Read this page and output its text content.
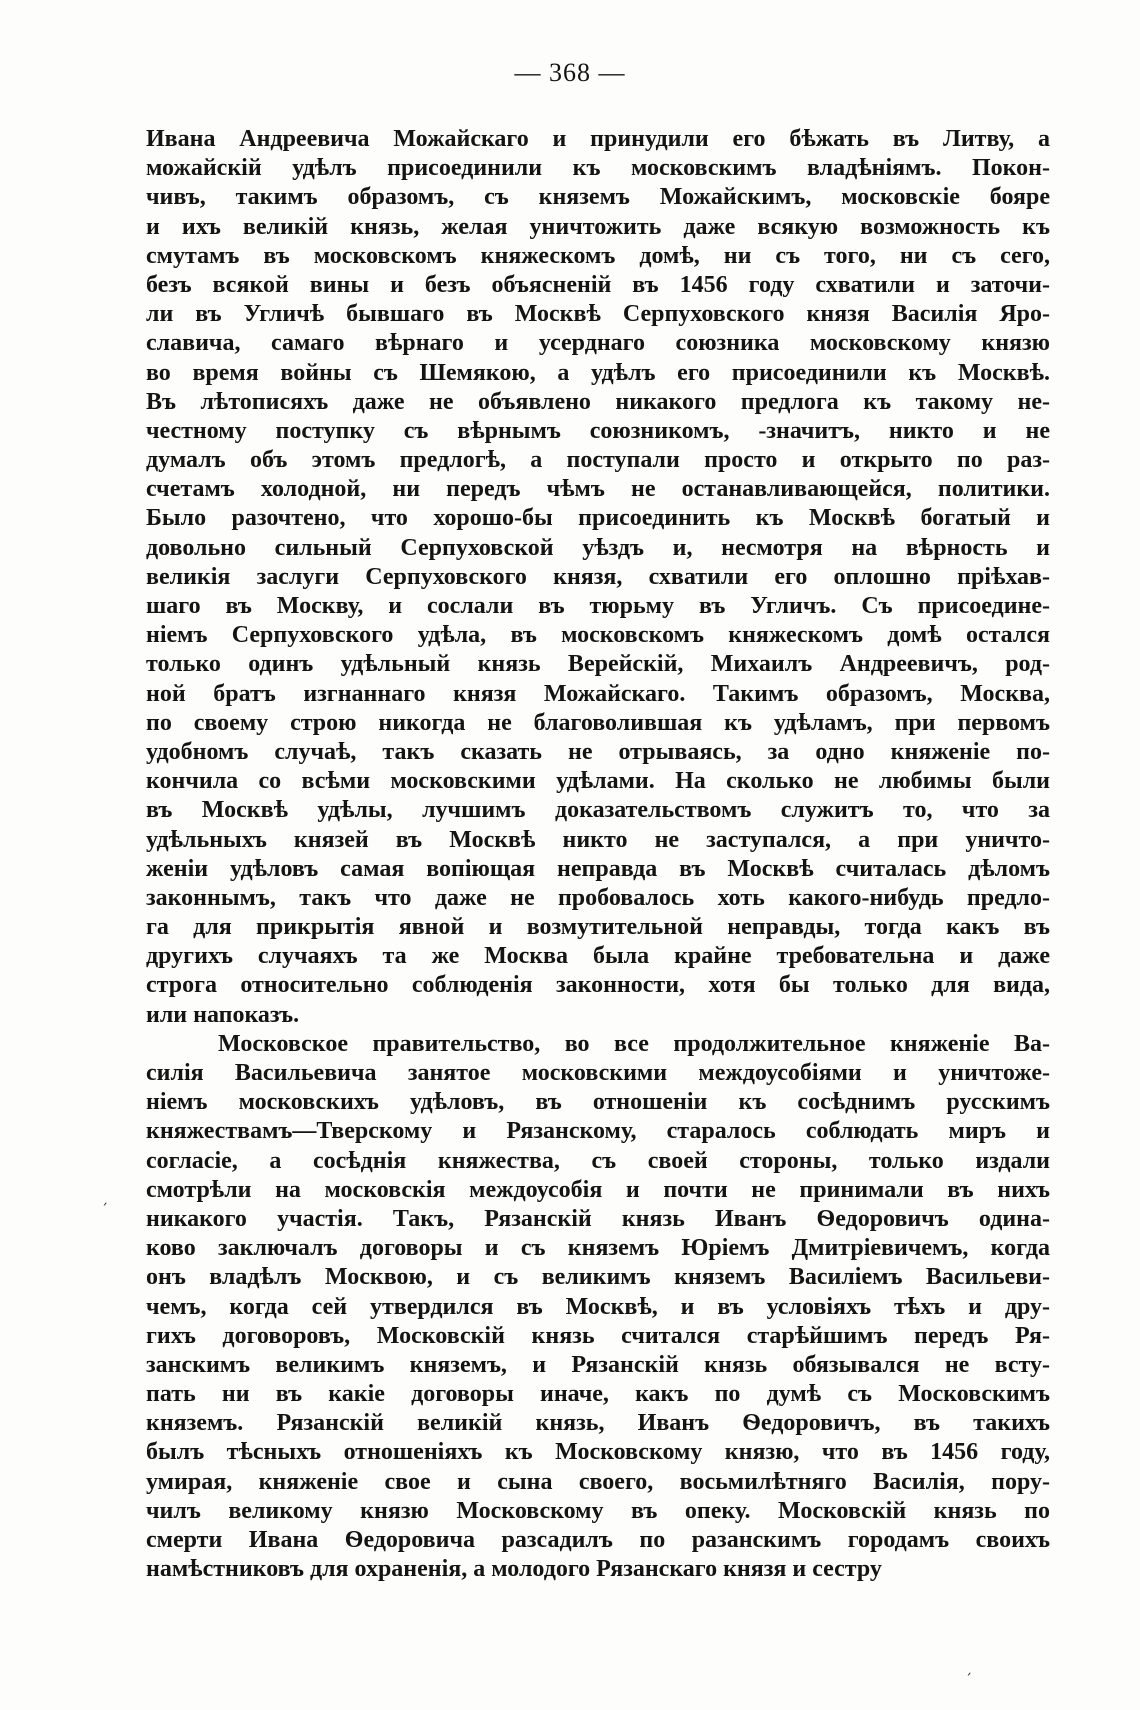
— 368 —
Ивана Андреевича Можайскаго и принудили его бѣжать въ Литву, а
можайскій удѣлъ присоединили къ московскимъ владѣніямъ. Покон-
чивъ, такимъ образомъ, съ княземъ Можайскимъ, московскіе бояре
и ихъ великій князь, желая уничтожить даже всякую возможность къ
смутамъ въ московскомъ княжескомъ домѣ, ни съ того, ни съ сего,
безъ всякой вины и безъ объясненій въ 1456 году схватили и заточи-
ли въ Угличѣ бывшаго въ Москвѣ Серпуховского князя Василія Яро-
славича, самаго вѣрнаго и усерднаго союзника московскому князю
во время войны съ Шемякою, а удѣлъ его присоединили къ Москвѣ.
Въ лѣтописяхъ даже не объявлено никакого предлога къ такому не-
честному поступку съ вѣрнымъ союзникомъ, -значитъ, никто и не
думалъ объ этомъ предлогѣ, а поступали просто и открыто по раз-
счетамъ холодной, ни передъ чѣмъ не останавливающейся, политики.
Было разочтено, что хорошо-бы присоединить къ Москвѣ богатый и
довольно сильный Серпуховской уѣздъ и, несмотря на вѣрность и
великія заслуги Серпуховского князя, схватили его оплошно пріѣхав-
шаго въ Москву, и сослали въ тюрьму въ Угличъ. Съ присоедине-
ніемъ Серпуховского удѣла, въ московскомъ княжескомъ домѣ остался
только одинъ удѣльный князь Верейскій, Михаилъ Андреевичъ, род-
ной братъ изгнаннаго князя Можайскаго. Такимъ образомъ, Москва,
по своему строю никогда не благоволившая къ удѣламъ, при первомъ
удобномъ случаѣ, такъ сказать не отрываясь, за одно княженіе по-
кончила со всѣми московскими удѣлами. На сколько не любимы были
въ Москвѣ удѣлы, лучшимъ доказательствомъ служитъ то, что за
удѣльныхъ князей въ Москвѣ никто не заступался, а при уничто-
женіи удѣловъ самая вопіющая неправда въ Москвѣ считалась дѣломъ
законнымъ, такъ что даже не пробовалось хоть какого-нибудь предло-
га для прикрытія явной и возмутительной неправды, тогда какъ въ
другихъ случаяхъ та же Москва была крайне требовательна и даже
строга относительно соблюденія законности, хотя бы только для вида,
или напоказъ.
Московское правительство, во все продолжительное княженіе Ва-
силія Васильевича занятое московскими междоусобіями и уничтоже-
ніемъ московскихъ удѣловъ, въ отношеніи къ сосѣднимъ русскимъ
княжествамъ—Тверскому и Рязанскому, старалось соблюдать миръ и
согласіе, а сосѣднія княжества, съ своей стороны, только издали
смотрѣли на московскія междоусобія и почти не принимали въ нихъ
никакого участія. Такъ, Рязанскій князь Иванъ Ѳедоровичъ одина-
ково заключалъ договоры и съ княземъ Юріемъ Дмитріевичемъ, когда
онъ владѣлъ Москвою, и съ великимъ княземъ Василіемъ Васильеви-
чемъ, когда сей утвердился въ Москвѣ, и въ условіяхъ тѣхъ и дру-
гихъ договоровъ, Московскій князь считался старѣйшимъ передъ Ря-
занскимъ великимъ княземъ, и Рязанскій князь обязывался не всту-
пать ни въ какіе договоры иначе, какъ по думѣ съ Московскимъ
княземъ. Рязанскій великій князь, Иванъ Ѳедоровичъ, въ такихъ
былъ тѣсныхъ отношеніяхъ къ Московскому князю, что въ 1456 году,
умирая, княженіе свое и сына своего, восьмилѣтняго Василія, пору-
чилъ великому князю Московскому въ опеку. Московскій князь по
смерти Ивана Ѳедоровича разсадилъ по разанскимъ городамъ своихъ
намѣстниковъ для охраненія, а молодого Рязанскаго князя и сестру
ˏ
ˏ
